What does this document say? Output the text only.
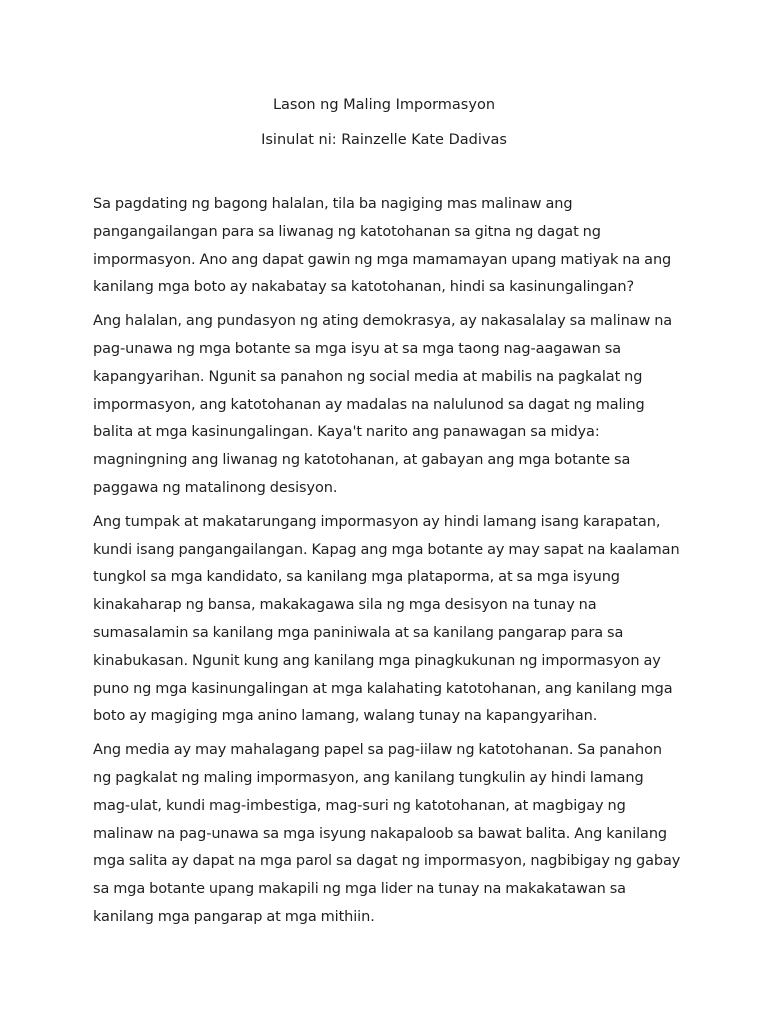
Lason ng Maling Impormasyon
Isinulat ni: Rainzelle Kate Dadivas

Sa pagdating ng bagong halalan, tila ba nagiging mas malinaw ang pangangailangan para sa liwanag ng katotohanan sa gitna ng dagat ng impormasyon. Ano ang dapat gawin ng mga mamamayan upang matiyak na ang kanilang mga boto ay nakabatay sa katotohanan, hindi sa kasinungalingan?

Ang halalan, ang pundasyon ng ating demokrasya, ay nakasalalay sa malinaw na pag-unawa ng mga botante sa mga isyu at sa mga taong nag-aagawan sa kapangyarihan. Ngunit sa panahon ng social media at mabilis na pagkalat ng impormasyon, ang katotohanan ay madalas na nalulunod sa dagat ng maling balita at mga kasinungalingan. Kaya't narito ang panawagan sa midya: magningning ang liwanag ng katotohanan, at gabayan ang mga botante sa paggawa ng matalinong desisyon.

Ang tumpak at makatarungang impormasyon ay hindi lamang isang karapatan, kundi isang pangangailangan. Kapag ang mga botante ay may sapat na kaalaman tungkol sa mga kandidato, sa kanilang mga plataporma, at sa mga isyung kinakaharap ng bansa, makakagawa sila ng mga desisyon na tunay na sumasalamin sa kanilang mga paniniwala at sa kanilang pangarap para sa kinabukasan. Ngunit kung ang kanilang mga pinagkukunan ng impormasyon ay puno ng mga kasinungalingan at mga kalahating katotohanan, ang kanilang mga boto ay magiging mga anino lamang, walang tunay na kapangyarihan.

Ang media ay may mahalagang papel sa pag-iilaw ng katotohanan. Sa panahon ng pagkalat ng maling impormasyon, ang kanilang tungkulin ay hindi lamang mag-ulat, kundi mag-imbestiga, mag-suri ng katotohanan, at magbigay ng malinaw na pag-unawa sa mga isyung nakapaloob sa bawat balita. Ang kanilang mga salita ay dapat na mga parol sa dagat ng impormasyon, nagbibigay ng gabay sa mga botante upang makapili ng mga lider na tunay na makakatawan sa kanilang mga pangarap at mga mithiin.
